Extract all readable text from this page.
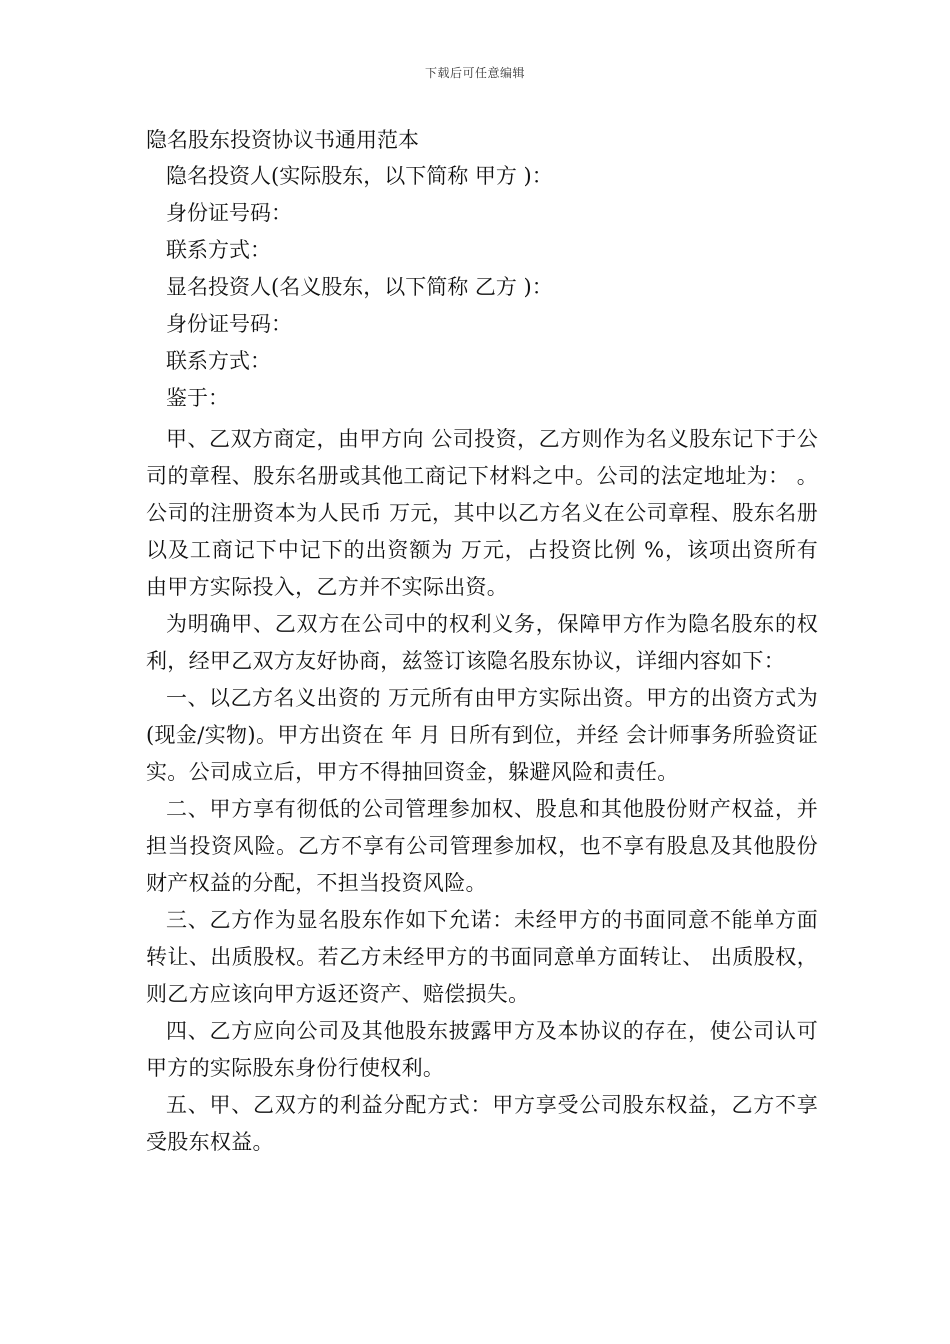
下载后可任意编辑
隐名股东投资协议书通用范本

隐名投资人(实际股东，以下简称 甲方 )：

身份证号码：

联系方式：

显名投资人(名义股东，以下简称 乙方 )：

身份证号码：

联系方式：

鉴于：

甲、乙双方商定，由甲方向 公司投资，乙方则作为名义股东记下于公司的章程、股东名册或其他工商记下材料之中。公司的法定地址为： 。公司的注册资本为人民币 万元，其中以乙方名义在公司章程、股东名册以及工商记下中记下的出资额为 万元，占投资比例 %，该项出资所有由甲方实际投入，乙方并不实际出资。

为明确甲、乙双方在公司中的权利义务，保障甲方作为隐名股东的权利，经甲乙双方友好协商，兹签订该隐名股东协议，详细内容如下：

一、以乙方名义出资的 万元所有由甲方实际出资。甲方的出资方式为 (现金/实物)。甲方出资在 年 月 日所有到位，并经 会计师事务所验资证实。公司成立后，甲方不得抽回资金，躲避风险和责任。

二、甲方享有彻低的公司管理参加权、股息和其他股份财产权益，并担当投资风险。乙方不享有公司管理参加权，也不享有股息及其他股份财产权益的分配，不担当投资风险。

三、乙方作为显名股东作如下允诺：未经甲方的书面同意不能单方面转让、出质股权。若乙方未经甲方的书面同意单方面转让、 出质股权，则乙方应该向甲方返还资产、赔偿损失。

四、乙方应向公司及其他股东披露甲方及本协议的存在，使公司认可甲方的实际股东身份行使权利。

五、甲、乙双方的利益分配方式：甲方享受公司股东权益，乙方不享受股东权益。
